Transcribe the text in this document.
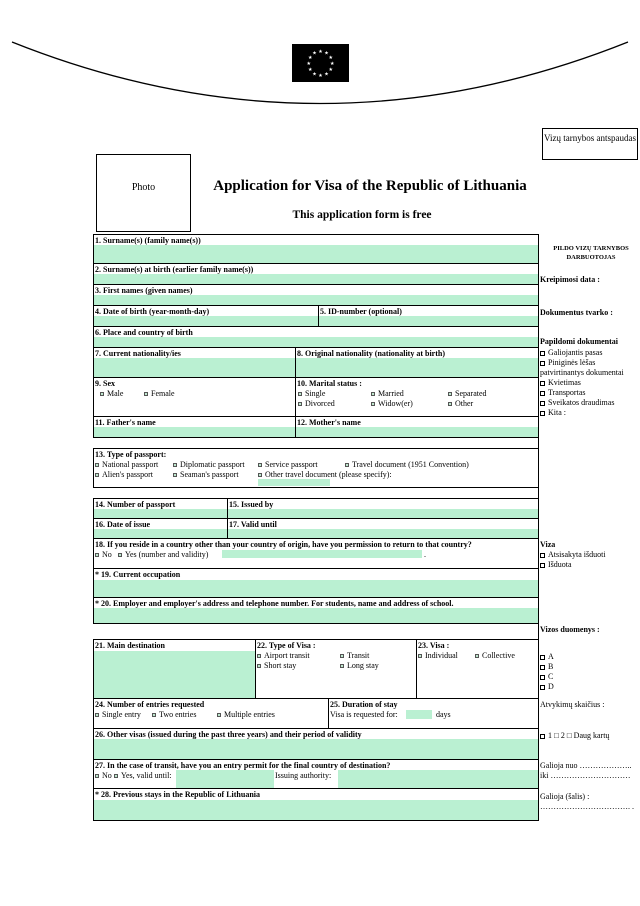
★ ★
★
★
★
★
★
★
★
★
★
★
Vizų tarnybos antspaudas
Photo	Application for Visa of the Republic of Lithuania
This application form is free
1. Surname(s) (family name(s))
2. Surname(s) at birth (earlier family name(s))
3. First names (given names)
4. Date of birth (year-month-day)	5. ID-number (optional)
6. Place and country of birth
7. Current nationality/ies	8. Original nationality (nationality at birth)
9. Sex
Male	Female
10. Marital status :
Single	Married	Separated
Divorced	Widow(er)	Other
11. Father's name	12. Mother's name
13. Type of passport:
National passport	Diplomatic passport	Service passport	Travel document (1951 Convention)
Alien's passport	Seaman's passport	Other travel document (please specify):
14. Number of passport	15. Issued by
16. Date of issue	17. Valid until
18. If you reside in a country other than your country of origin, have you permission to return to that country?
No	Yes (number and validity)	.
* 19. Current occupation
* 20. Employer and employer's address and telephone number. For students, name and address of school.
21. Main destination	22. Type of Visa :
Airport transit	Transit
Short stay	Long stay
23. Visa :
Individual	Collective
24. Number of entries requested
Single entry	Two entries	Multiple entries
25. Duration of stay
Visa is requested for:	days
26. Other visas (issued during the past three years) and their period of validity
27. In the case of transit, have you an entry permit for the final country of destination?
No	Yes, valid until:	Issuing authority:
* 28. Previous stays in the Republic of Lithuania
PILDO VIZŲ TARNYBOS DARBUOTOJAS
Kreipimosi data :
Dokumentus tvarko :
Papildomi dokumentai
Galiojantis pasas
Piniginės lėšas patvirtinantys dokumentai
Kvietimas
Transportas
Sveikatos draudimas
Kita :
Viza
Atsisakyta išduoti
Išduota
Vizos duomenys :
A
B
C
D
Atvykimų skaičius :
1 □ 2 □ Daug kartų
Galioja nuo ………………..
iki …………………………
Galioja (šalis) :
……………………………. .
